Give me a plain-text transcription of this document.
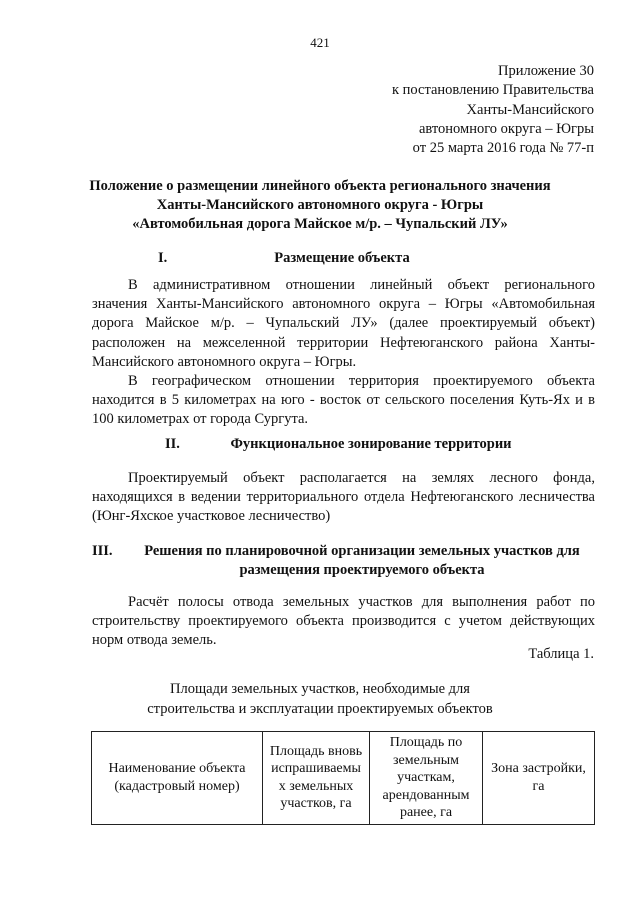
421
Приложение 30
к постановлению Правительства
Ханты-Мансийского
автономного округа – Югры
от 25 марта 2016 года № 77-п
Положение о размещении линейного объекта регионального значения
Ханты-Мансийского автономного округа - Югры
«Автомобильная дорога Майское м/р. – Чупальский ЛУ»
I.	Размещение объекта

В административном отношении линейный объект регионального значения Ханты-Мансийского автономного округа – Югры «Автомобильная дорога Майское м/р. – Чупальский ЛУ» (далее проектируемый объект) расположен на межселенной территории Нефтеюганского района Ханты-Мансийского автономного округа – Югры.

В географическом отношении территория проектируемого объекта находится в 5 километрах на юго - восток от сельского поселения Куть-Ях и в 100 километрах от города Сургута.

II.	Функциональное зонирование территории

Проектируемый объект располагается на землях лесного фонда, находящихся в ведении территориального отдела Нефтеюганского лесничества (Юнг-Яхское участковое лесничество)

III.	Решения по планировочной организации земельных участков для
размещения проектируемого объекта

Расчёт полосы отвода земельных участков для выполнения работ по строительству проектируемого объекта производится с учетом действующих норм отвода земель.

Таблица 1.
Площади земельных участков, необходимые для
строительства и эксплуатации проектируемых объектов
Наименование объекта (кадастровый номер)	Площадь вновь испрашиваемы х земельных участков, га	Площадь по земельным участкам, арендованным ранее, га	Зона застройки, га
